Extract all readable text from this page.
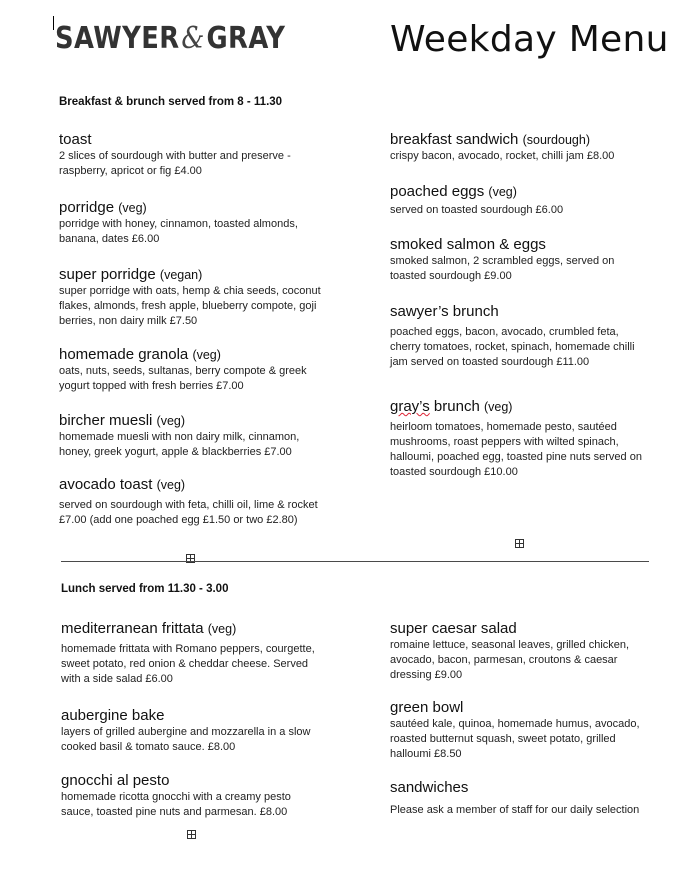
SAWYER&GRAY	Weekday Menu
Breakfast & brunch served from 8 - 11.30
toast
2 slices of sourdough with butter and preserve - raspberry, apricot or fig £4.00
porridge (veg)
porridge with honey, cinnamon, toasted almonds, banana, dates £6.00
super porridge (vegan)
super porridge with oats, hemp & chia seeds, coconut flakes, almonds, fresh apple, blueberry compote, goji berries, non dairy milk £7.50
homemade granola (veg)
oats, nuts, seeds, sultanas, berry compote & greek yogurt topped with fresh berries £7.00
bircher muesli (veg)
homemade muesli with non dairy milk, cinnamon, honey, greek yogurt, apple & blackberries £7.00
avocado toast (veg)
served on sourdough with feta, chilli oil, lime & rocket £7.00 (add one poached egg £1.50 or two £2.80)
breakfast sandwich (sourdough)
crispy bacon, avocado, rocket, chilli jam £8.00
poached eggs (veg)
served on toasted sourdough £6.00
smoked salmon & eggs
smoked salmon, 2 scrambled eggs, served on toasted sourdough £9.00
sawyer’s brunch
poached eggs, bacon, avocado, crumbled feta, cherry tomatoes, rocket, spinach, homemade chilli jam served on toasted sourdough £11.00
gray’s brunch (veg)
heirloom tomatoes, homemade pesto, sautéed mushrooms, roast peppers with wilted spinach, halloumi, poached egg, toasted pine nuts served on toasted sourdough £10.00
Lunch served from 11.30 - 3.00
mediterranean frittata (veg)
homemade frittata with Romano peppers, courgette, sweet potato, red onion & cheddar cheese. Served with a side salad £6.00
aubergine bake
layers of grilled aubergine and mozzarella in a slow cooked basil & tomato sauce. £8.00
gnocchi al pesto
homemade ricotta gnocchi with a creamy pesto sauce, toasted pine nuts and parmesan. £8.00
super caesar salad
romaine lettuce, seasonal leaves, grilled chicken, avocado, bacon, parmesan, croutons & caesar dressing £9.00
green bowl
sautéed kale, quinoa, homemade humus, avocado, roasted butternut squash, sweet potato, grilled halloumi £8.50
sandwiches
Please ask a member of staff for our daily selection
